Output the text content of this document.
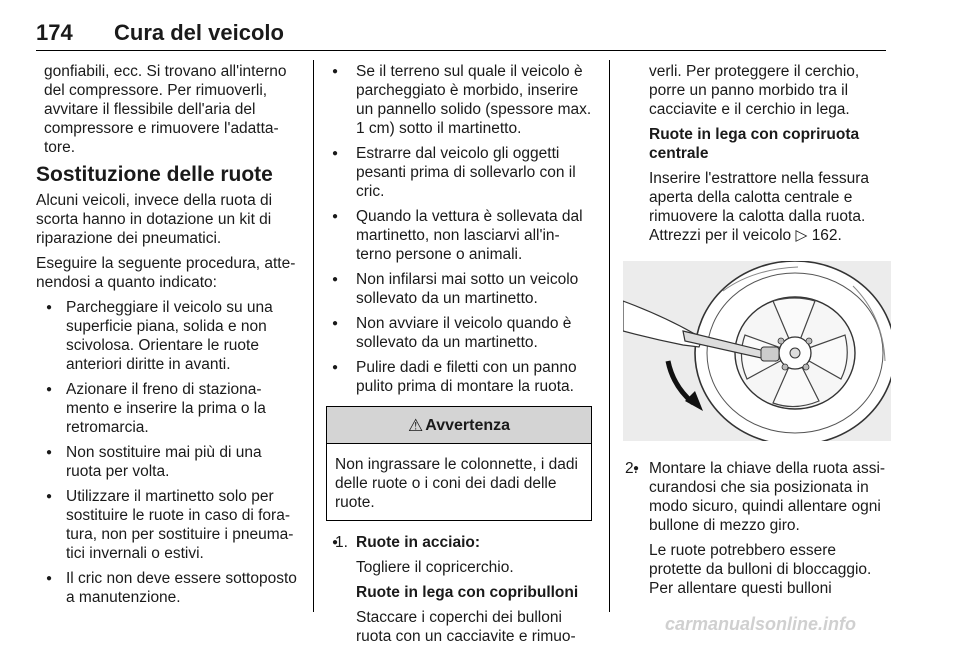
174 Cura del veicolo

gonfiabili, ecc. Si trovano all'interno del compressore. Per rimuoverli, avvitare il flessibile dell'aria del compressore e rimuovere l'adatta-tore.

Sostituzione delle ruote

Alcuni veicoli, invece della ruota di scorta hanno in dotazione un kit di riparazione dei pneumatici.

Eseguire la seguente procedura, atte-nendosi a quanto indicato:

● Parcheggiare il veicolo su una superficie piana, solida e non scivolosa. Orientare le ruote anteriori diritte in avanti.
● Azionare il freno di staziona-mento e inserire la prima o la retromarcia.
● Non sostituire mai più di una ruota per volta.
● Utilizzare il martinetto solo per sostituire le ruote in caso di fora-tura, non per sostituire i pneuma-tici invernali o estivi.
● Il cric non deve essere sottoposto a manutenzione.
● Se il terreno sul quale il veicolo è parcheggiato è morbido, inserire un pannello solido (spessore max. 1 cm) sotto il martinetto.
● Estrarre dal veicolo gli oggetti pesanti prima di sollevarlo con il cric.
● Quando la vettura è sollevata dal martinetto, non lasciarvi all'in-terno persone o animali.
● Non infilarsi mai sotto un veicolo sollevato da un martinetto.
● Non avviare il veicolo quando è sollevato da un martinetto.
● Pulire dadi e filetti con un panno pulito prima di montare la ruota.
⚠ Avvertenza
Non ingrassare le colonnette, i dadi delle ruote o i coni dei dadi delle ruote.
● 1. Ruote in acciaio:

Togliere il copricerchio.

Ruote in lega con copribulloni

Staccare i coperchi dei bulloni ruota con un cacciavite e rimuo-

verli. Per proteggere il cerchio, porre un panno morbido tra il cacciavite e il cerchio in lega.

Ruote in lega con copriruota centrale

Inserire l'estrattore nella fessura aperta della calotta centrale e rimuovere la calotta dalla ruota. Attrezzi per il veicolo ▷ 162.

● 2. Montare la chiave della ruota assi-curandosi che sia posizionata in modo sicuro, quindi allentare ogni bullone di mezzo giro.

Le ruote potrebbero essere protette da bulloni di bloccaggio. Per allentare questi bulloni

carmanualsonline.info
